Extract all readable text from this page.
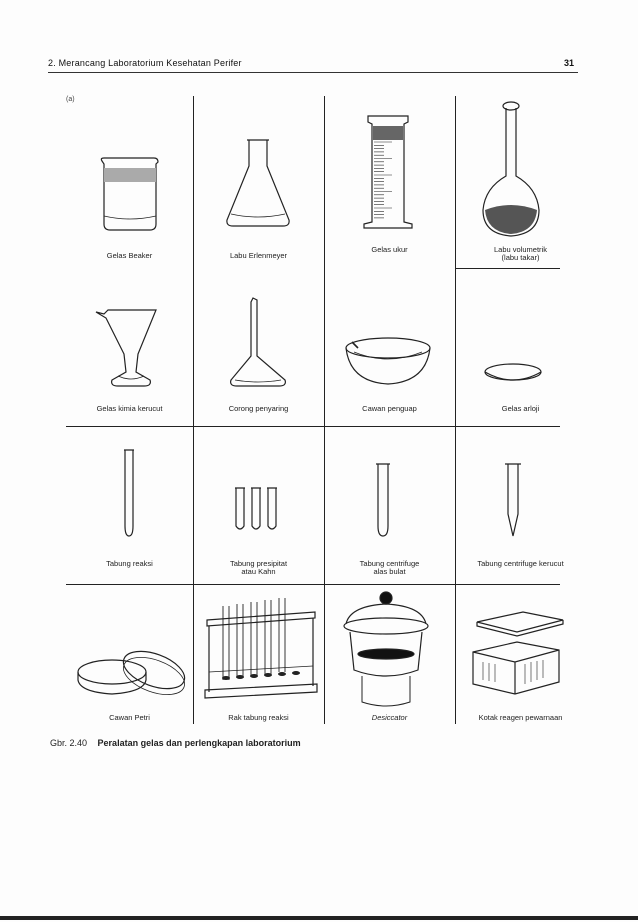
2. Merancang Laboratorium Kesehatan Perifer	31
(a)
Gelas Beaker	Labu Erlenmeyer
Gelas ukur	Labu volumetrik
(labu takar)
Gelas kimia kerucut	Corong penyaring	Cawan penguap	Gelas arloji
Tabung reaksi	Tabung presipitat
atau Kahn
Tabung centrifuge
alas bulat
Tabung centrifuge kerucut
Cawan Petri	Rak tabung reaksi	Desiccator	Kotak reagen pewarnaan
Gbr. 2.40 Peralatan gelas dan perlengkapan laboratorium
